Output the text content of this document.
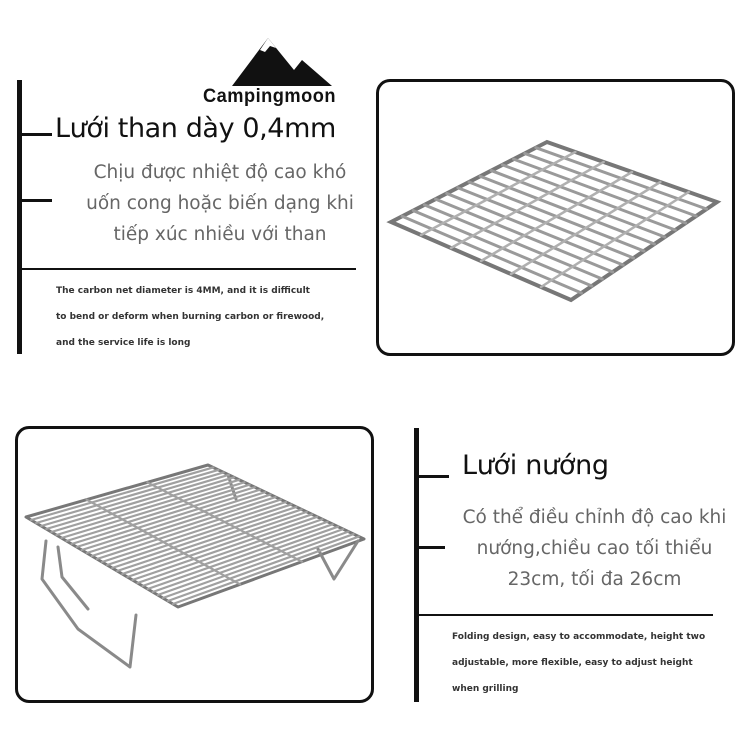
Campingmoon
Lưới than dày 0,4mm
Chịu được nhiệt độ cao khó
uốn cong hoặc biến dạng khi
tiếp xúc nhiều với than
The carbon net diameter is 4MM, and it is difficult
to bend or deform when burning carbon or firewood,
and the service life is long
Lưới nướng
Có thể điều chỉnh độ cao khi
nướng,chiều cao tối thiểu
23cm, tối đa 26cm
Folding design, easy to accommodate, height two
adjustable, more flexible, easy to adjust height
when grilling
